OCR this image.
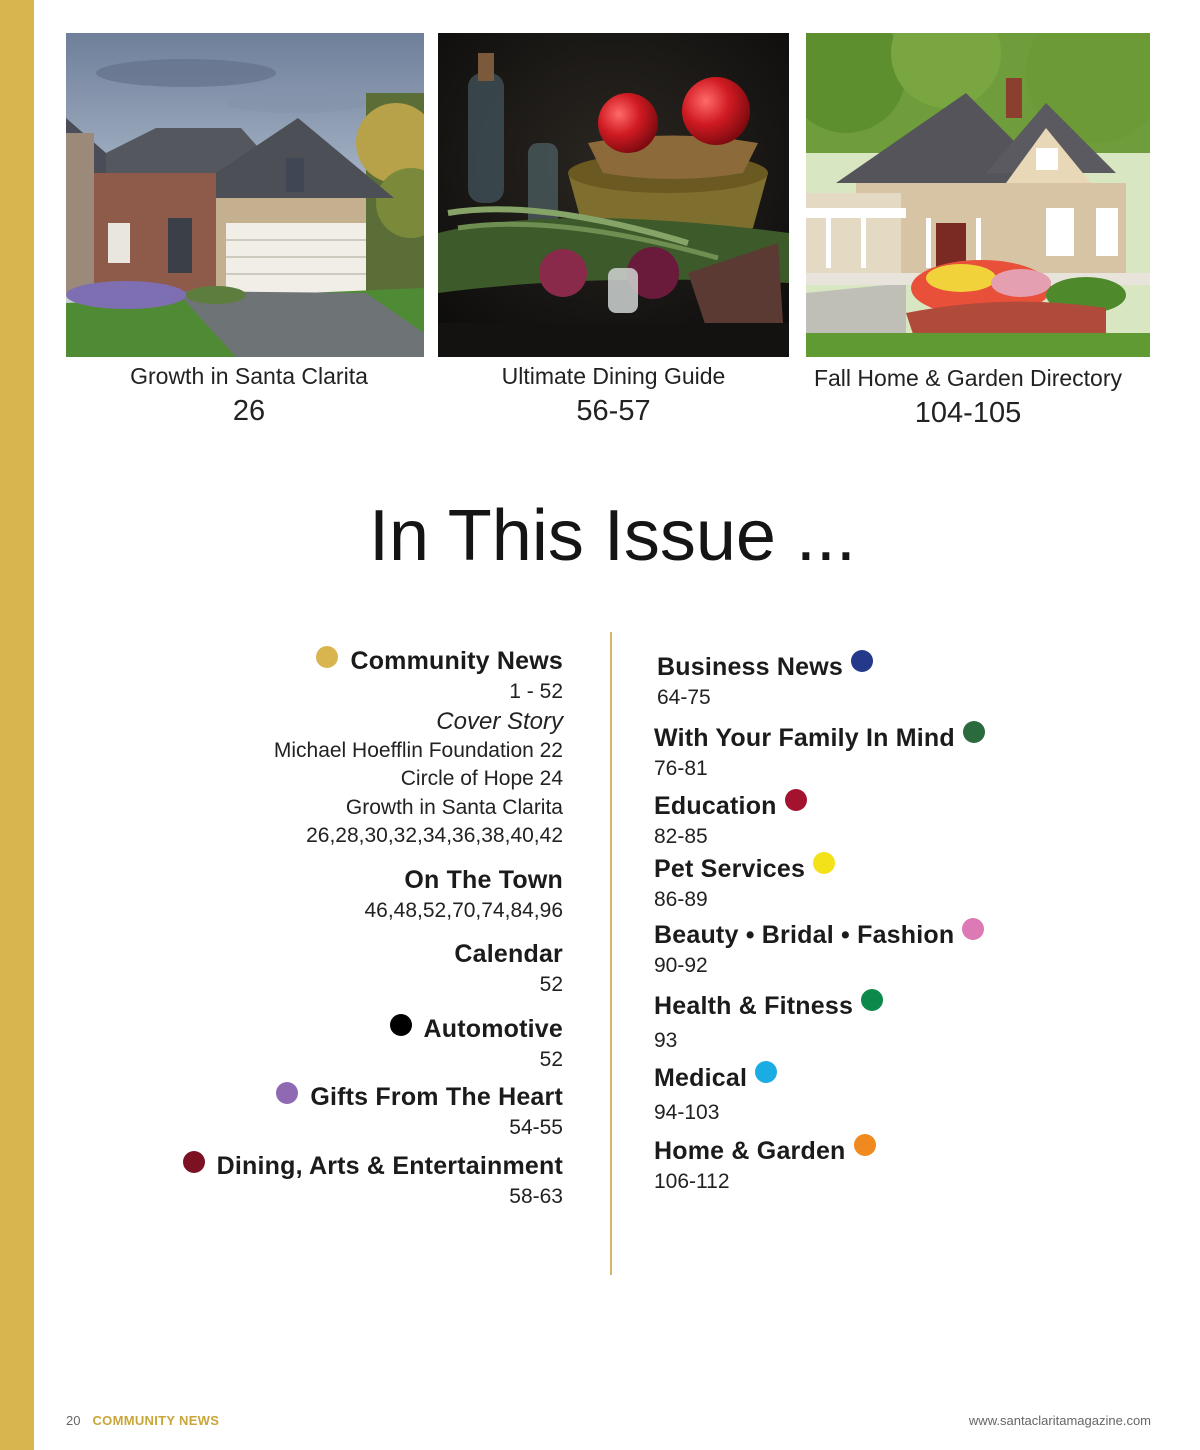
Growth in Santa Clarita
26
Ultimate Dining Guide
56-57
Fall Home & Garden Directory
104-105
In This Issue ...
Community News
1 - 52
Cover Story
Michael Hoefflin Foundation 22
Circle of Hope 24
Growth in Santa Clarita
26,28,30,32,34,36,38,40,42
On The Town
46,48,52,70,74,84,96
Calendar
52
Automotive
52
Gifts From The Heart
54-55
Dining, Arts & Entertainment
58-63
Business News
64-75
With Your Family In Mind
76-81
Education
82-85
Pet Services
86-89
Beauty • Bridal • Fashion
90-92
Health & Fitness
93
Medical
94-103
Home & Garden
106-112
20 COMMUNITY NEWS	www.santaclaritamagazine.com
